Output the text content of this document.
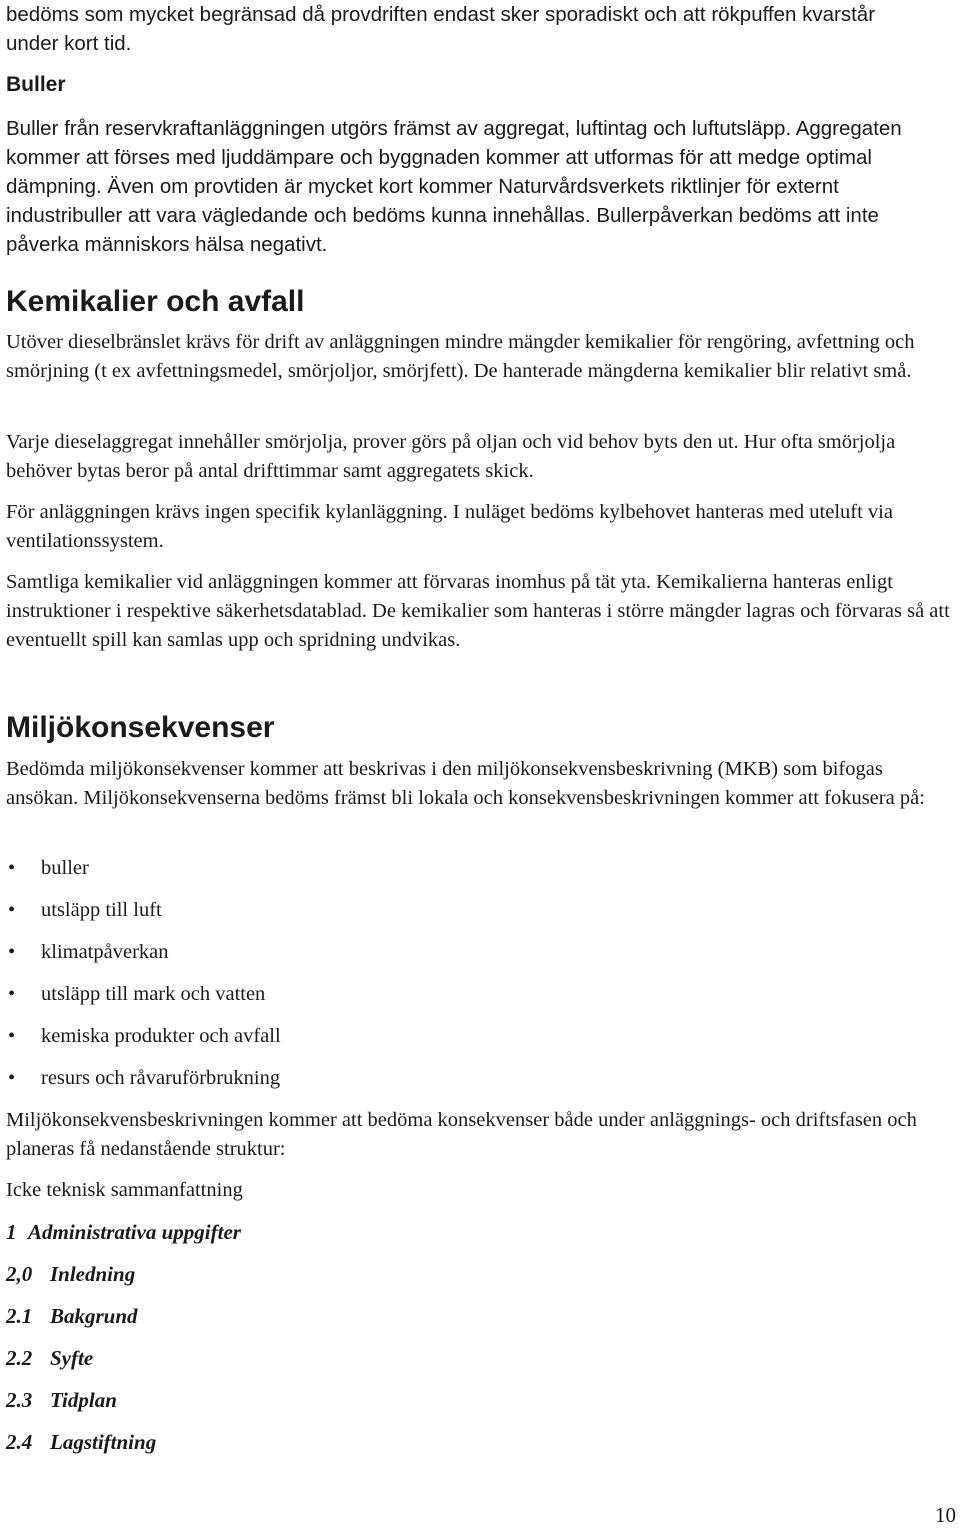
bedöms som mycket begränsad då provdriften endast sker sporadiskt och att rökpuffen kvarstår under kort tid.

Buller

Buller från reservkraftanläggningen utgörs främst av aggregat, luftintag och luftutsläpp. Aggregaten kommer att förses med ljuddämpare och byggnaden kommer att utformas för att medge optimal dämpning. Även om provtiden är mycket kort kommer Naturvårdsverkets riktlinjer för externt industribuller att vara vägledande och bedöms kunna innehållas. Bullerpåverkan bedöms att inte påverka människors hälsa negativt.

Kemikalier och avfall

Utöver dieselbränslet krävs för drift av anläggningen mindre mängder kemikalier för rengöring, avfettning och smörjning (t ex avfettningsmedel, smörjoljor, smörjfett). De hanterade mängderna kemikalier blir relativt små.

Varje dieselaggregat innehåller smörjolja, prover görs på oljan och vid behov byts den ut. Hur ofta smörjolja behöver bytas beror på antal drifttimmar samt aggregatets skick.

För anläggningen krävs ingen specifik kylanläggning. I nuläget bedöms kylbehovet hanteras med uteluft via ventilationssystem.

Samtliga kemikalier vid anläggningen kommer att förvaras inomhus på tät yta. Kemikalierna hanteras enligt instruktioner i respektive säkerhetsdatablad. De kemikalier som hanteras i större mängder lagras och förvaras så att eventuellt spill kan samlas upp och spridning undvikas.

Miljökonsekvenser

Bedömda miljökonsekvenser kommer att beskrivas i den miljökonsekvensbeskrivning (MKB) som bifogas ansökan. Miljökonsekvenserna bedöms främst bli lokala och konsekvensbeskrivningen kommer att fokusera på:

• buller
• utsläpp till luft
• klimatpåverkan
• utsläpp till mark och vatten
• kemiska produkter och avfall
• resurs och råvaruförbrukning

Miljökonsekvensbeskrivningen kommer att bedöma konsekvenser både under anläggnings- och driftsfasen och planeras få nedanstående struktur:

Icke teknisk sammanfattning

1 Administrativa uppgifter
2,0 Inledning
2.1 Bakgrund
2.2 Syfte
2.3 Tidplan
2.4 Lagstiftning
10
